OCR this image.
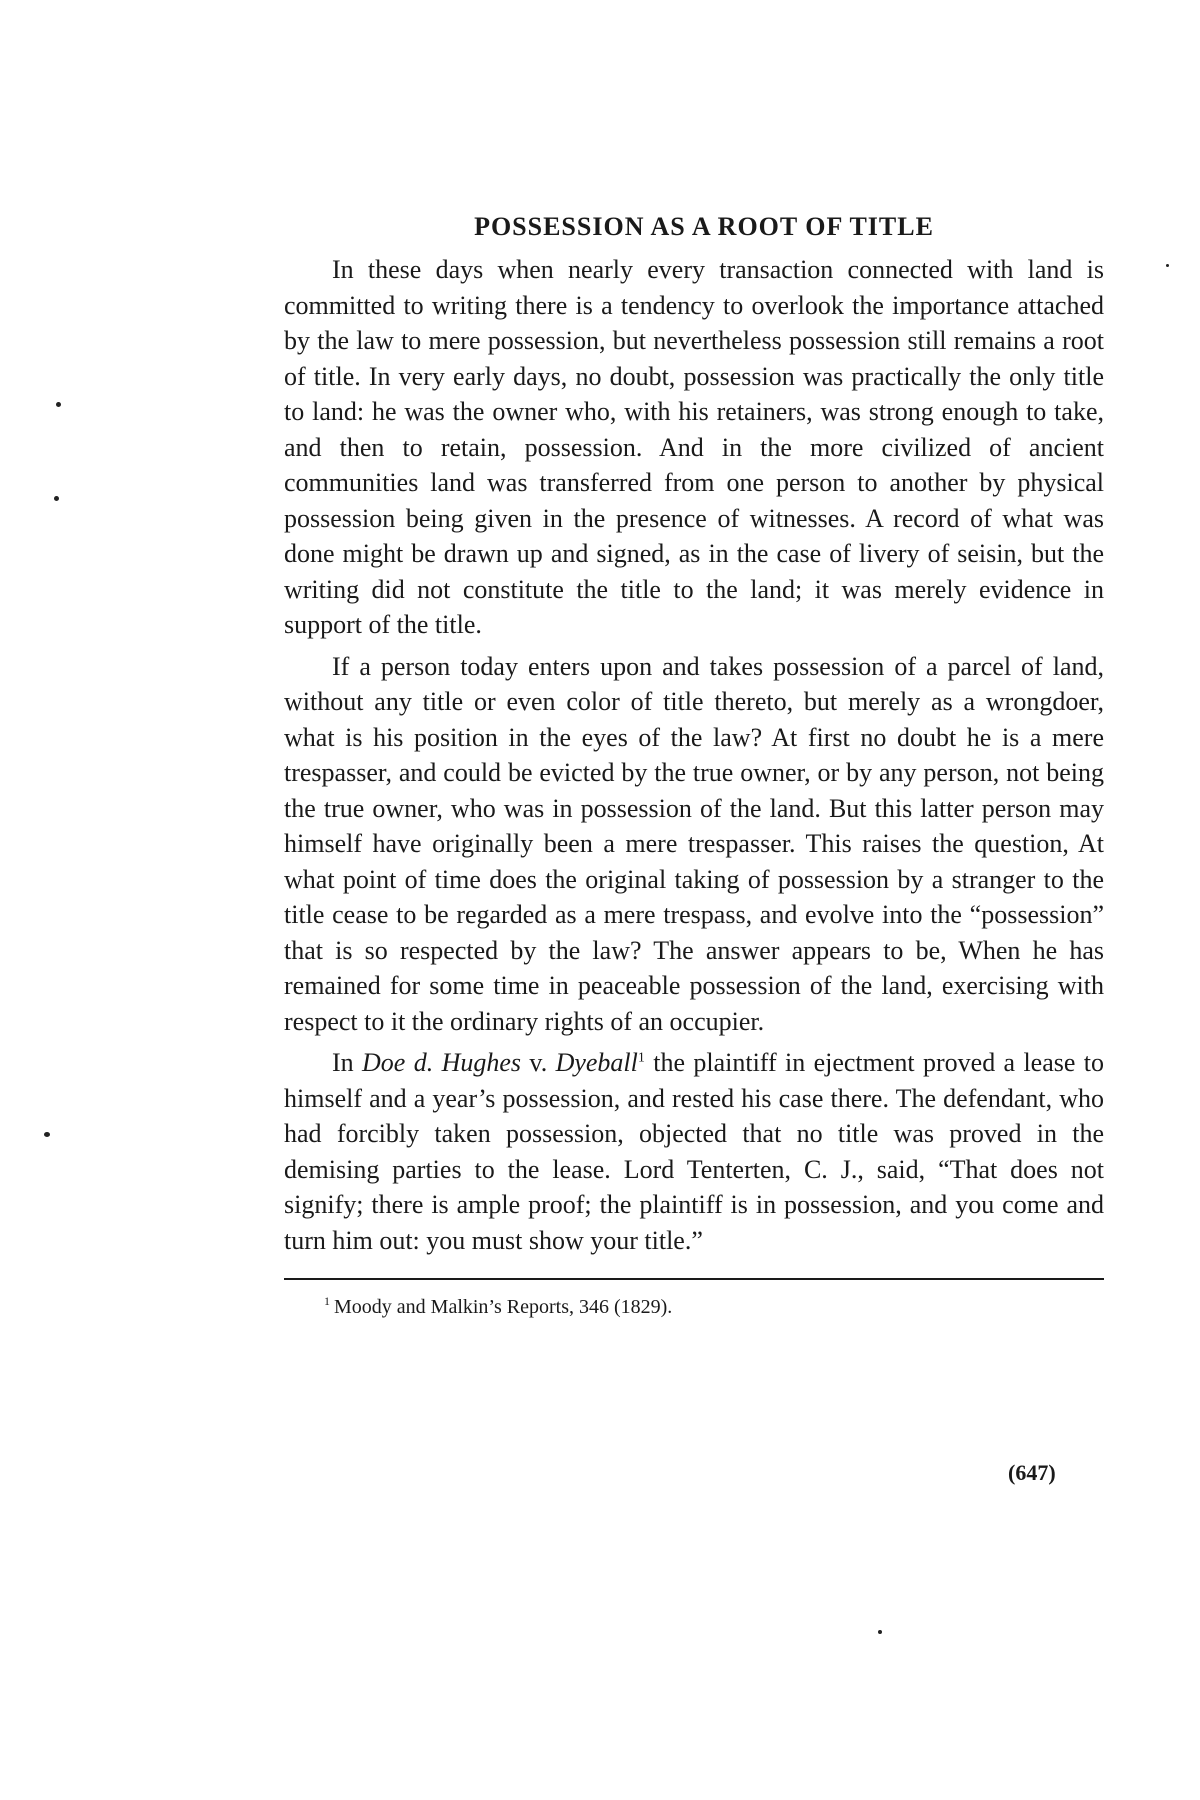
POSSESSION AS A ROOT OF TITLE

In these days when nearly every transaction connected with land is committed to writing there is a tendency to overlook the importance attached by the law to mere possession, but nevertheless possession still remains a root of title. In very early days, no doubt, possession was practically the only title to land: he was the owner who, with his retainers, was strong enough to take, and then to retain, possession. And in the more civilized of ancient communities land was transferred from one person to another by physical possession being given in the presence of witnesses. A record of what was done might be drawn up and signed, as in the case of livery of seisin, but the writing did not constitute the title to the land; it was merely evidence in support of the title.

If a person today enters upon and takes possession of a parcel of land, without any title or even color of title thereto, but merely as a wrongdoer, what is his position in the eyes of the law? At first no doubt he is a mere trespasser, and could be evicted by the true owner, or by any person, not being the true owner, who was in possession of the land. But this latter person may himself have originally been a mere trespasser. This raises the question, At what point of time does the original taking of possession by a stranger to the title cease to be regarded as a mere trespass, and evolve into the “possession” that is so respected by the law? The answer appears to be, When he has remained for some time in peaceable possession of the land, exercising with respect to it the ordinary rights of an occupier.

In Doe d. Hughes v. Dyeball$^1$ the plaintiff in ejectment proved a lease to himself and a year’s possession, and rested his case there. The defendant, who had forcibly taken possession, objected that no title was proved in the demising parties to the lease. Lord Tenterten, C. J., said, “That does not signify; there is ample proof; the plaintiff is in possession, and you come and turn him out: you must show your title.”

$^1$ Moody and Malkin’s Reports, 346 (1829).
(647)
